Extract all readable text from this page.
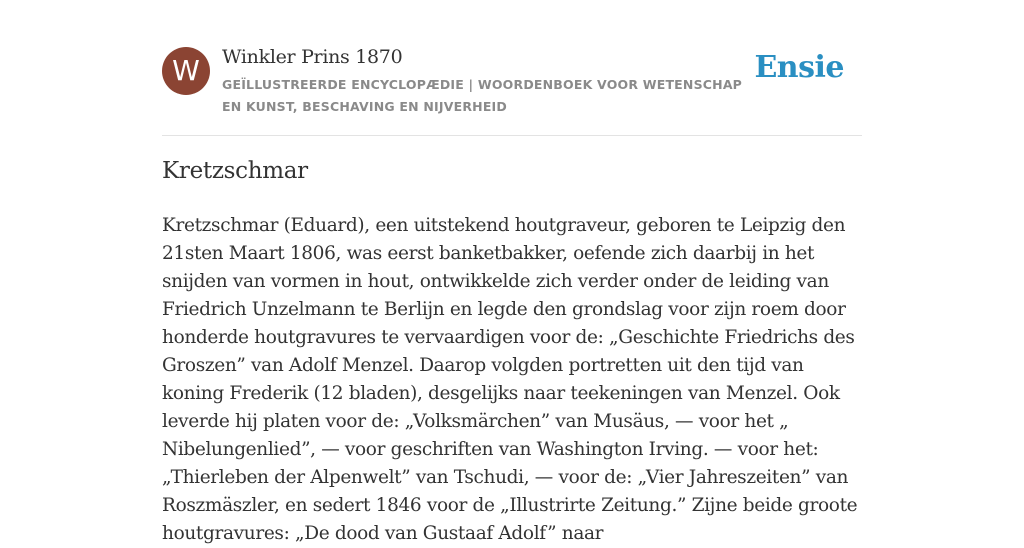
W	Winkler Prins 1870
GEÏLLUSTREERDE ENCYCLOPÆDIE | WOORDENBOEK VOOR WETENSCHAP EN KUNST, BESCHAVING EN NIJVERHEID
Ensie
Kretzschmar

Kretzschmar (Eduard), een uitstekend houtgraveur, geboren te Leipzig den 21sten Maart 1806, was eerst banketbakker, oefende zich daarbij in het snijden van vormen in hout, ontwikkelde zich verder onder de leiding van Friedrich Unzelmann te Berlijn en legde den grondslag voor zijn roem door honderde houtgravures te vervaardigen voor de: „Geschichte Friedrichs des Groszen” van Adolf Menzel. Daarop volgden portretten uit den tijd van koning Frederik (12 bladen), desgelijks naar teekeningen van Menzel. Ook leverde hij platen voor de: „Volksmärchen” van Musäus, — voor het „ Nibelungenlied”, — voor geschriften van Washington Irving. — voor het: „Thierleben der Alpenwelt” van Tschudi, — voor de: „Vier Jahreszeiten” van Roszmäszler, en sedert 1846 voor de „Illustrirte Zeitung.” Zijne beide groote houtgravures: „De dood van Gustaaf Adolf” naar
